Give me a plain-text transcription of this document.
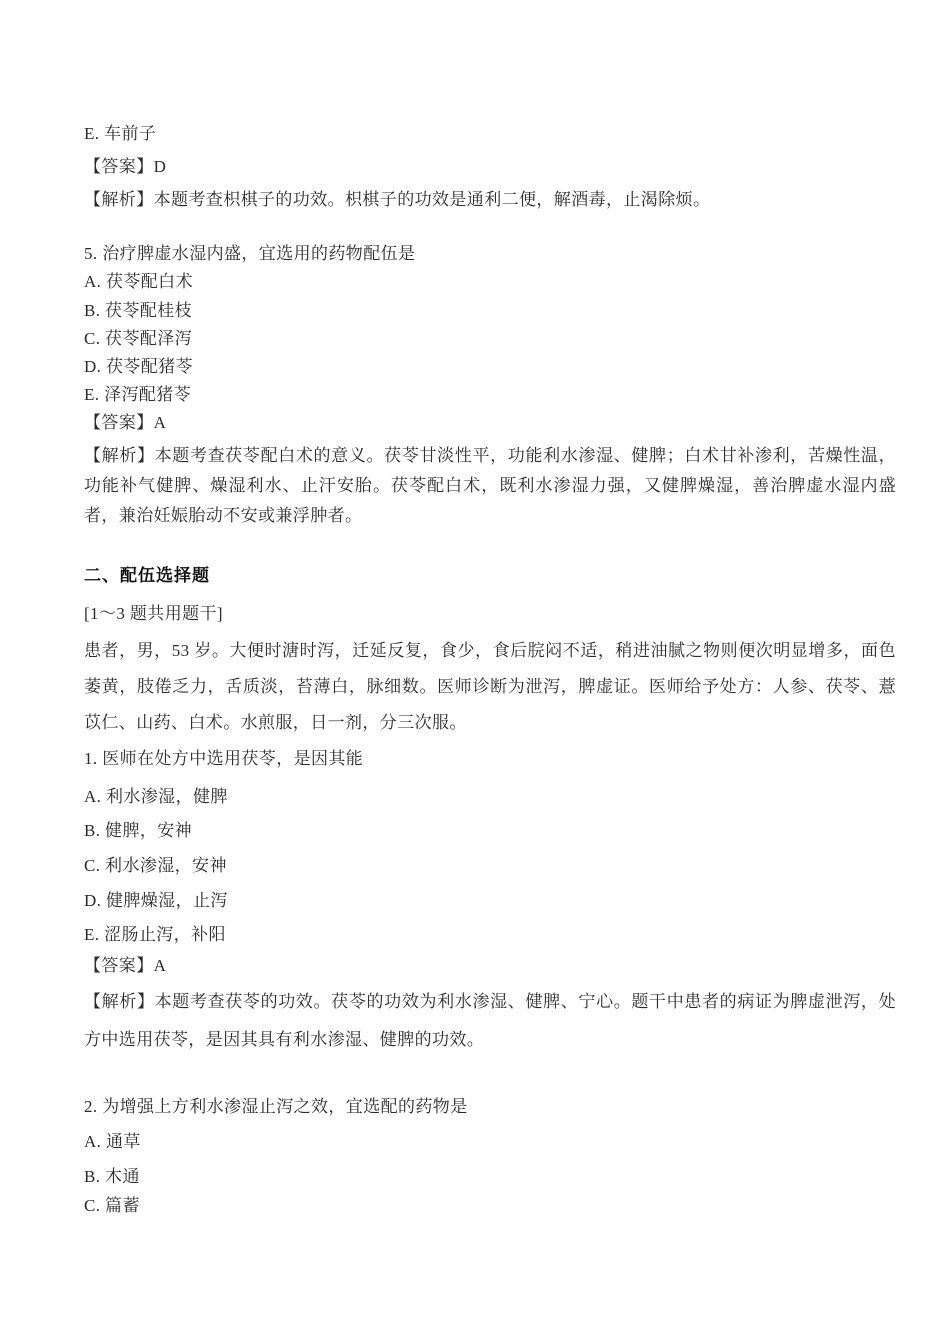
E. 车前子

【答案】D

【解析】本题考查枳棋子的功效。枳棋子的功效是通利二便，解酒毒，止渴除烦。

5. 治疗脾虚水湿内盛，宜选用的药物配伍是

A. 茯苓配白术

B. 茯苓配桂枝

C. 茯苓配泽泻

D. 茯苓配猪苓

E. 泽泻配猪苓

【答案】A

【解析】本题考查茯苓配白术的意义。茯苓甘淡性平，功能利水渗湿、健脾；白术甘补渗利，苦燥性温，功能补气健脾、燥湿利水、止汗安胎。茯苓配白术，既利水渗湿力强，又健脾燥湿，善治脾虚水湿内盛者，兼治妊娠胎动不安或兼浮肿者。

二、配伍选择题

[1～3 题共用题干]

患者，男，53 岁。大便时溏时泻，迁延反复，食少，食后脘闷不适，稍进油腻之物则便次明显增多，面色萎黄，肢倦乏力，舌质淡，苔薄白，脉细数。医师诊断为泄泻，脾虚证。医师给予处方：人参、茯苓、薏苡仁、山药、白术。水煎服，日一剂，分三次服。

1. 医师在处方中选用茯苓，是因其能

A. 利水渗湿，健脾

B. 健脾，安神

C. 利水渗湿，安神

D. 健脾燥湿，止泻

E. 涩肠止泻，补阳

【答案】A

【解析】本题考查茯苓的功效。茯苓的功效为利水渗湿、健脾、宁心。题干中患者的病证为脾虚泄泻，处方中选用茯苓，是因其具有利水渗湿、健脾的功效。

2. 为增强上方利水渗湿止泻之效，宜选配的药物是

A. 通草

B. 木通

C. 篇蓄
